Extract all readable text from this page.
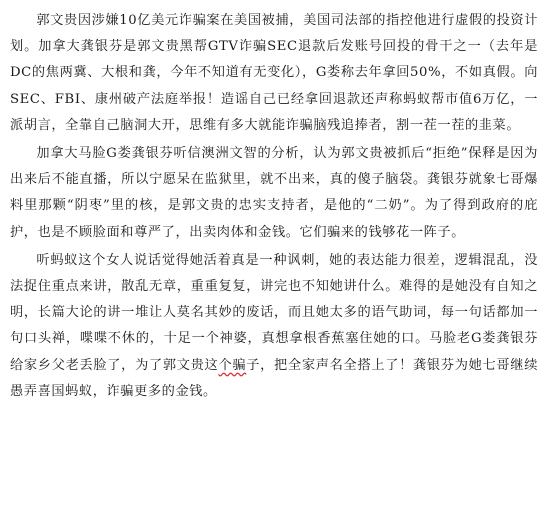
郭文贵因涉嫌10亿美元诈骗案在美国被捕，美国司法部的指控他进行虚假的投资计划。加拿大龚银芬是郭文贵黑帮GTV诈骗SEC退款后发账号回投的骨干之一（去年是DC的焦两冀、大根和龚，今年不知道有无变化），G娄称去年拿回50%，不如真假。向SEC、FBI、康州破产法庭举报！造谣自己已经拿回退款还声称蚂蚁帮市值6万亿，一派胡言，全靠自己脑洞大开，思维有多大就能诈骗脑残追捧者，割一茬一茬的韭菜。

加拿大马脸G娄龚银芬听信澳洲文智的分析，认为郭文贵被抓后“拒绝”保释是因为出来后不能直播，所以宁愿呆在监狱里，就不出来，真的傻子脑袋。龚银芬就象七哥爆料里那颗“阴枣”里的核，是郭文贵的忠实支持者，是他的“二奶”。为了得到政府的庇护，也是不顾脸面和尊严了，出卖肉体和金钱。它们骗来的钱够花一阵子。

听蚂蚁这个女人说话觉得她活着真是一种讽刺，她的表达能力很差，逻辑混乱，没法捉住重点来讲，散乱无章，重重复复，讲完也不知她讲什么。难得的是她没有自知之明，长篇大论的讲一堆让人莫名其妙的废话，而且她太多的语气助词，每一句话都加一句口头禅，喋喋不休的，十足一个神婆，真想拿根香蕉塞住她的口。马脸老G娄龚银芬给家乡父老丢脸了，为了郭文贵这个骗子，把全家声名全搭上了！龚银芬为她七哥继续愚弄喜国蚂蚁，诈骗更多的金钱。
